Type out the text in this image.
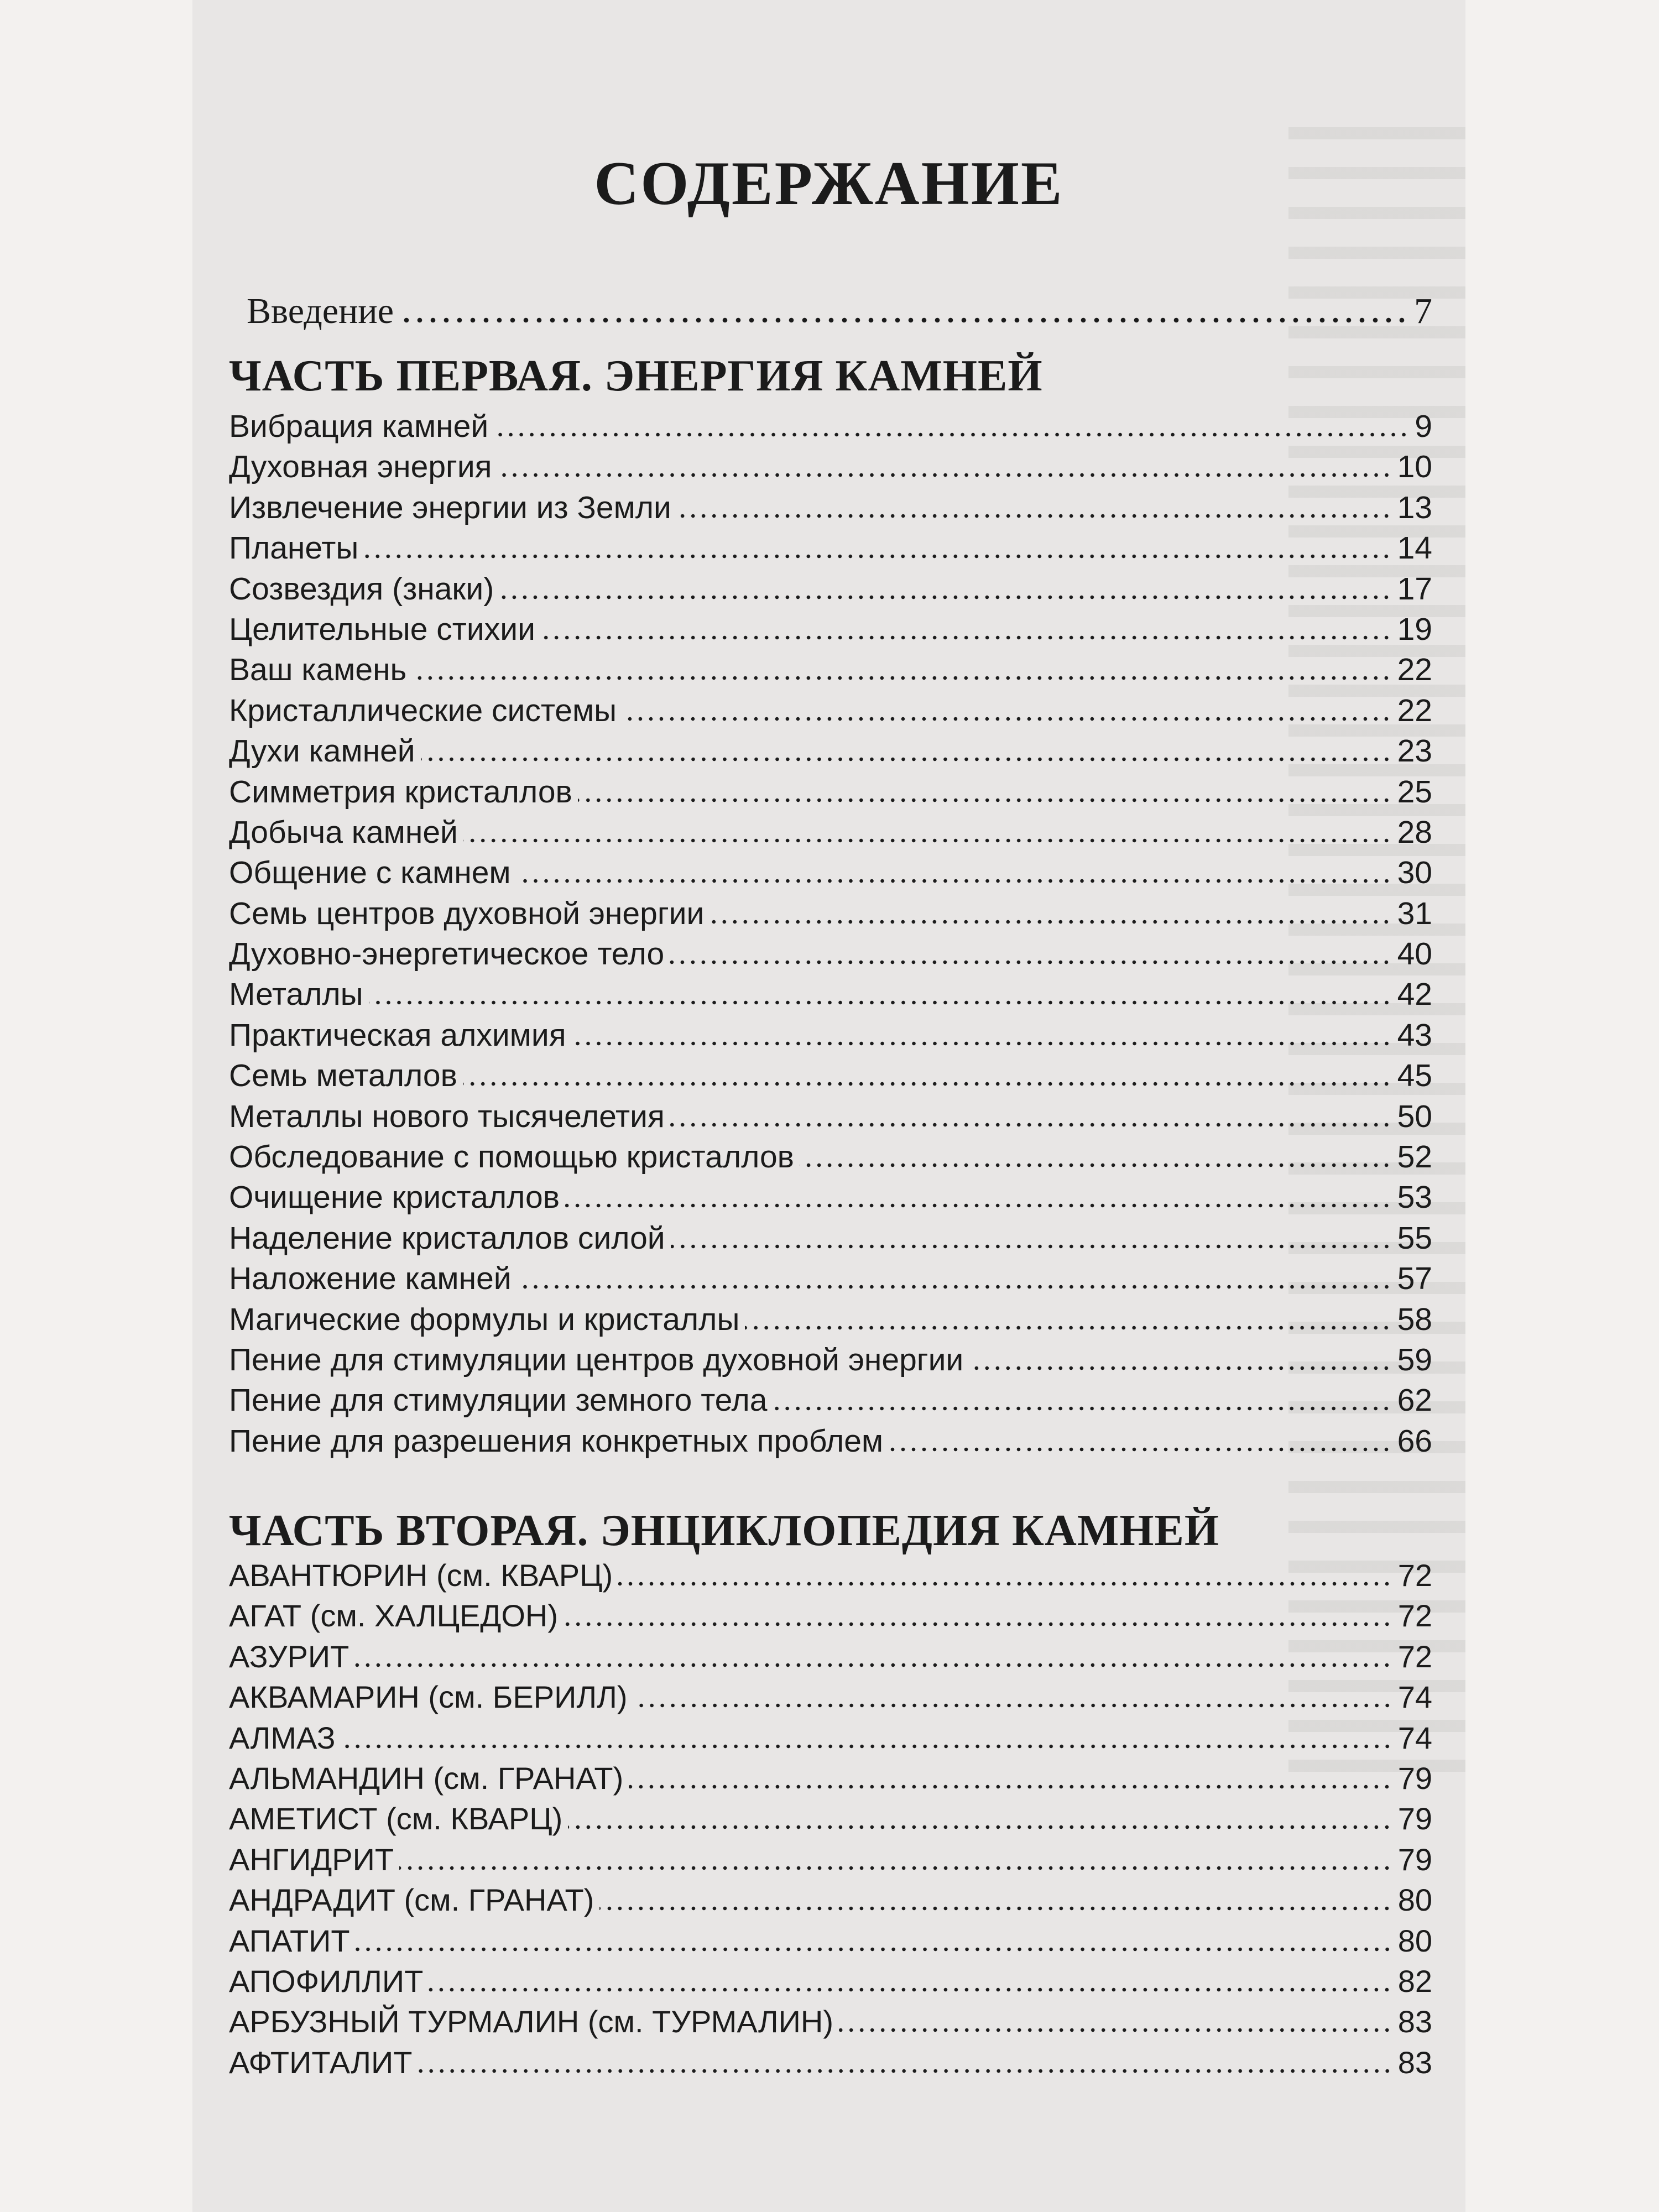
СОДЕРЖАНИЕ
Введение	7
ЧАСТЬ ПЕРВАЯ. ЭНЕРГИЯ КАМНЕЙ
Вибрация камней	9
Духовная энергия	10
Извлечение энергии из Земли	13
Планеты	14
Созвездия (знаки)	17
Целительные стихии	19
Ваш камень	22
Кристаллические системы	22
Духи камней	23
Симметрия кристаллов	25
Добыча камней	28
Общение с камнем	30
Семь центров духовной энергии	31
Духовно-энергетическое тело	40
Металлы	42
Практическая алхимия	43
Семь металлов	45
Металлы нового тысячелетия	50
Обследование с помощью кристаллов	52
Очищение кристаллов	53
Наделение кристаллов силой	55
Наложение камней	57
Магические формулы и кристаллы	58
Пение для стимуляции центров духовной энергии	59
Пение для стимуляции земного тела	62
Пение для разрешения конкретных проблем	66
ЧАСТЬ ВТОРАЯ. ЭНЦИКЛОПЕДИЯ КАМНЕЙ
АВАНТЮРИН (см. КВАРЦ)	72
АГАТ (см. ХАЛЦЕДОН)	72
АЗУРИТ	72
АКВАМАРИН (см. БЕРИЛЛ)	74
АЛМАЗ	74
АЛЬМАНДИН (см. ГРАНАТ)	79
АМЕТИСТ (см. КВАРЦ)	79
АНГИДРИТ	79
АНДРАДИТ (см. ГРАНАТ)	80
АПАТИТ	80
АПОФИЛЛИТ	82
АРБУЗНЫЙ ТУРМАЛИН (см. ТУРМАЛИН)	83
АФТИТАЛИТ	83
